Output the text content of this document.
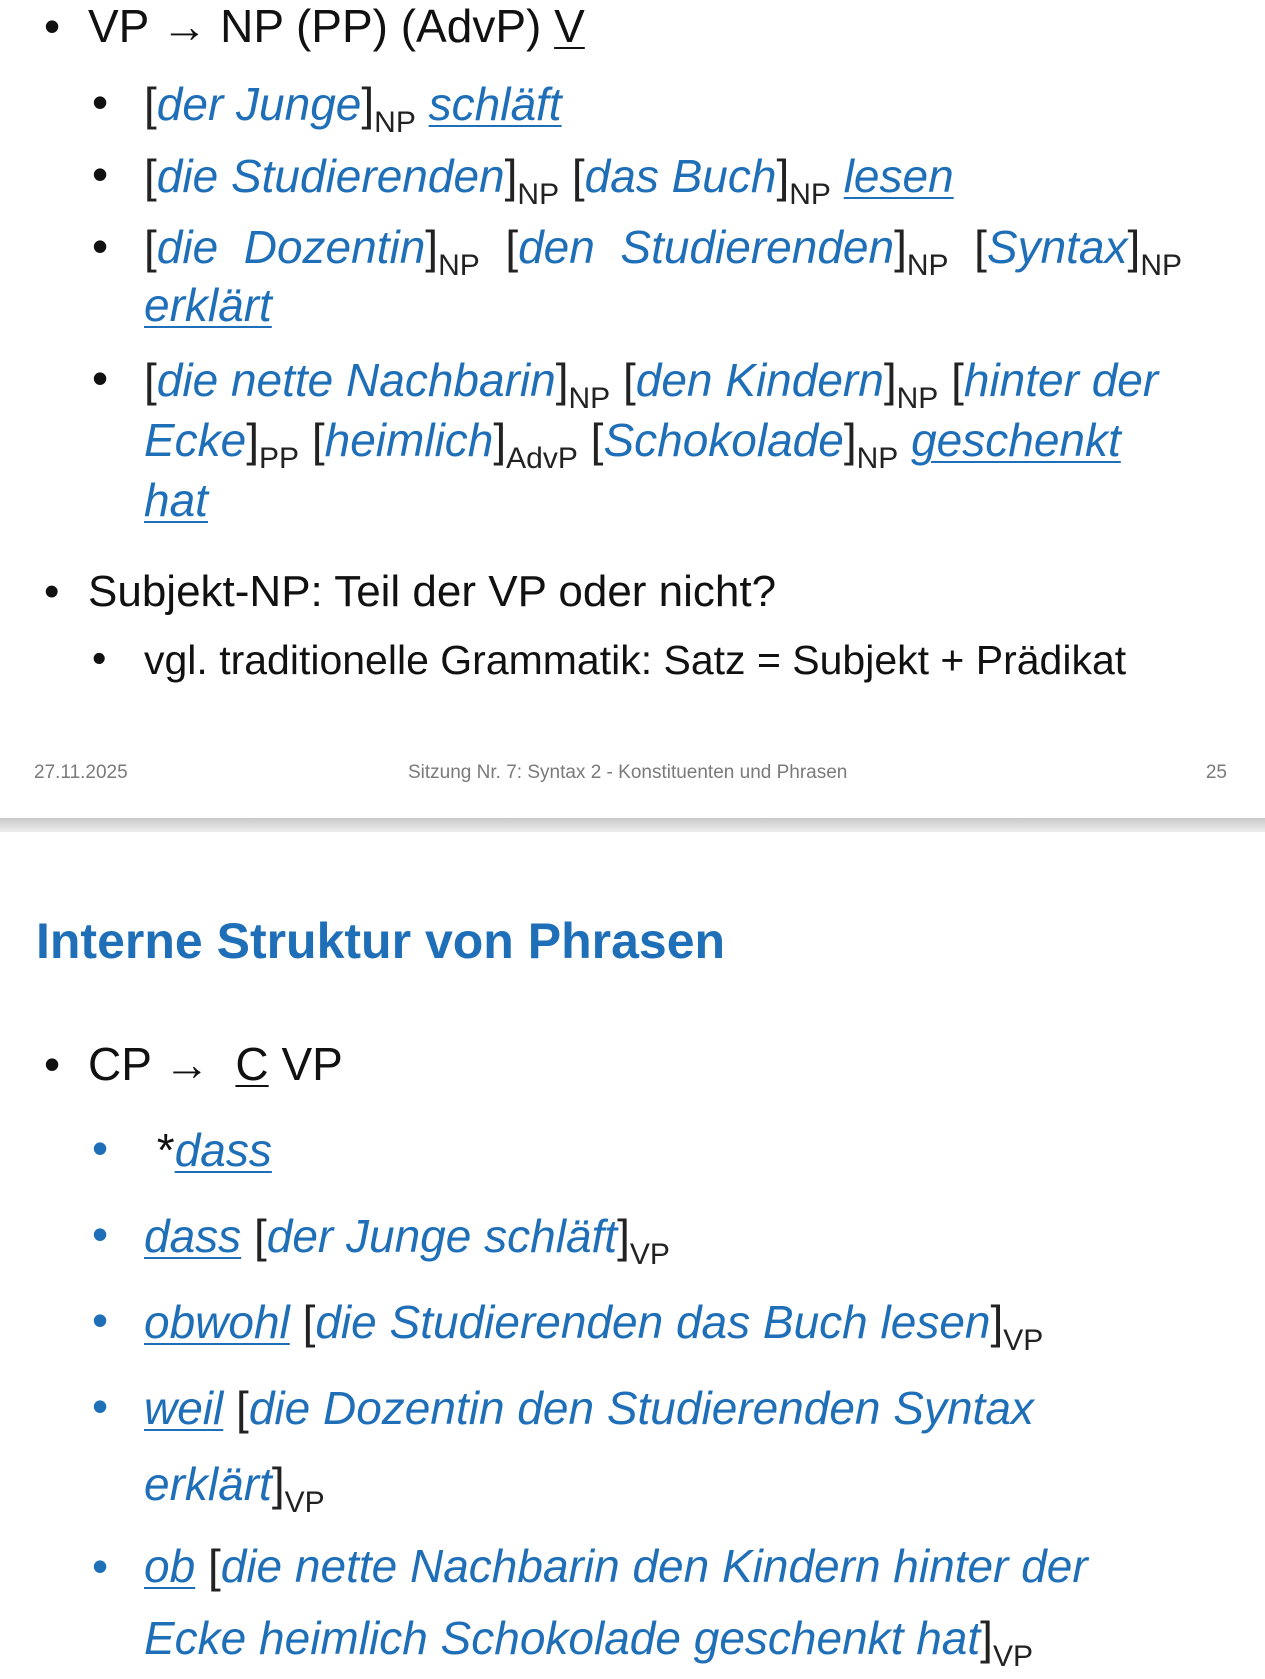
• VP → NP (PP) (AdvP) V
• [der $Junge]_{NP}$ schläft
• [die $Studierenden]_{NP}$ [das $Buch]_{NP}$ lesen
• [die  $Dozentin]_{NP}$ [den  $Studierenden]_{NP}$ $[Syntax]_{NP}$
erklärt
• [die nette $Nachbarin]_{NP}$ [den $Kindern]_{NP}$ [hinter der
$Ecke]_{PP}$ $[heimlich]_{AdvP}$ $[Schokolade]_{NP}$ geschenkt
hat
• Subjekt-NP: Teil der VP oder nicht?
• vgl. traditionelle Grammatik: Satz = Subjekt + Prädikat
27.11.2025	Sitzung Nr. 7: Syntax 2 - Konstituenten und Phrasen	25
Interne Struktur von Phrasen
• CP → C VP
• *dass
• dass [der Junge $schläft]_{VP}$
• obwohl [die Studierenden das Buch $lesen]_{VP}$
• weil [die Dozentin den Studierenden Syntax
$erklärt]_{VP}$
• ob [die nette Nachbarin den Kindern hinter der
Ecke heimlich Schokolade geschenkt $hat]_{VP}$
